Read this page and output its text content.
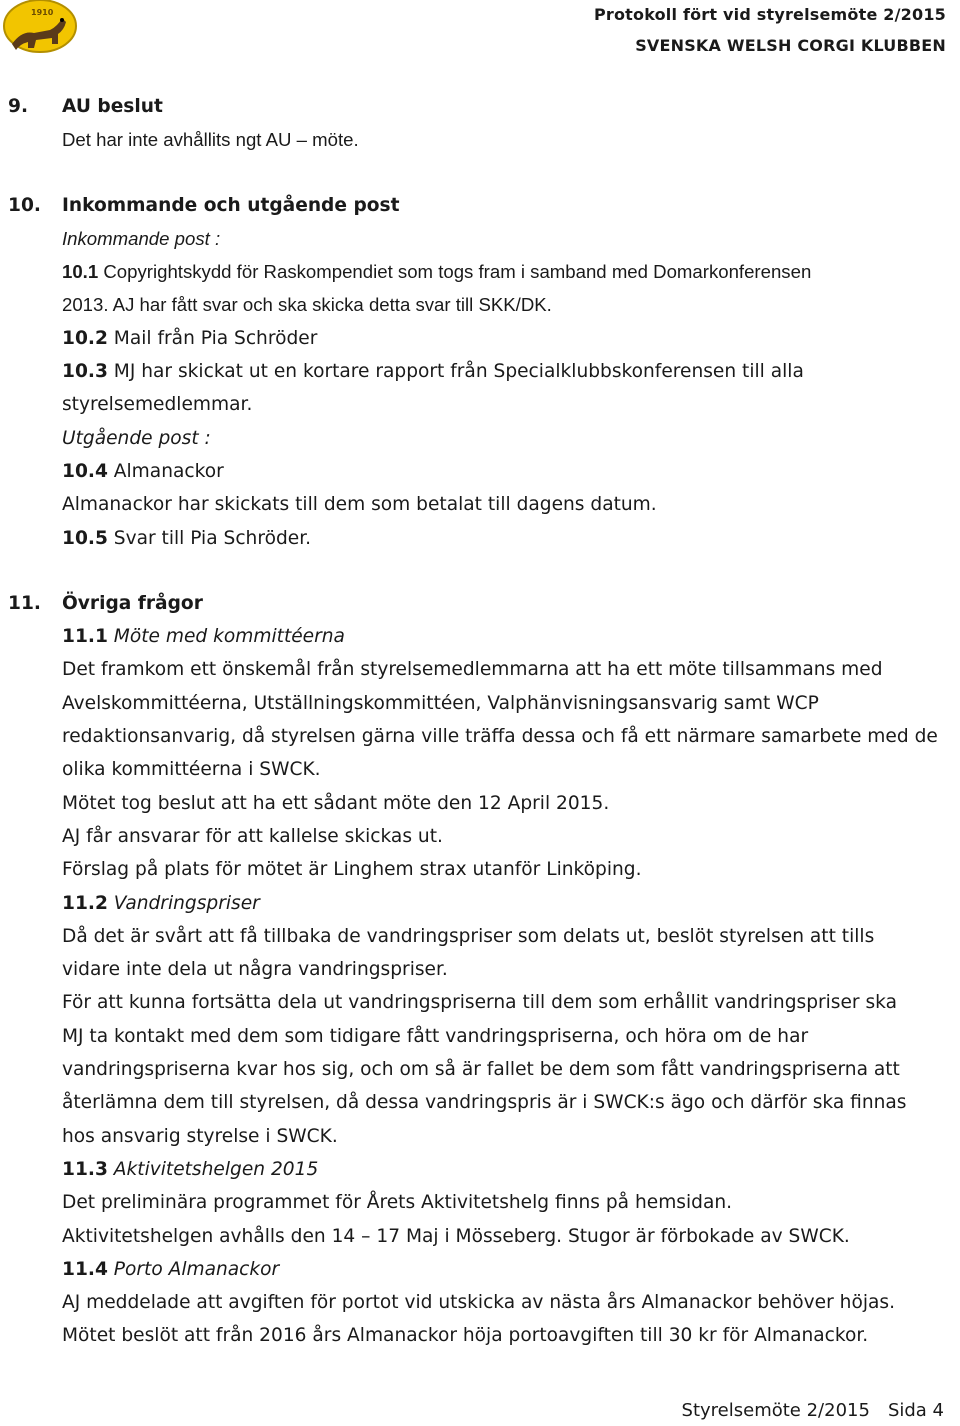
1910	Protokoll fört vid styrelsemöte 2/2015
SVENSKA WELSH CORGI KLUBBEN
9. AU beslut
Det har inte avhållits ngt AU – möte.
10. Inkommande och utgående post
Inkommande post :
10.1 Copyrightskydd för Raskompendiet som togs fram i samband med Domarkonferensen
2013. AJ har fått svar och ska skicka detta svar till SKK/DK.
10.2 Mail från Pia Schröder
10.3 MJ har skickat ut en kortare rapport från Specialklubbskonferensen till alla
styrelsemedlemmar.
Utgående post :
10.4 Almanackor
Almanackor har skickats till dem som betalat till dagens datum.
10.5 Svar till Pia Schröder.
11. Övriga frågor
11.1 Möte med kommittéerna
Det framkom ett önskemål från styrelsemedlemmarna att ha ett möte tillsammans med
Avelskommittéerna, Utställningskommittéen, Valphänvisningsansvarig samt WCP
redaktionsanvarig, då styrelsen gärna ville träffa dessa och få ett närmare samarbete med de
olika kommittéerna i SWCK.
Mötet tog beslut att ha ett sådant möte den 12 April 2015.
AJ får ansvarar för att kallelse skickas ut.
Förslag på plats för mötet är Linghem strax utanför Linköping.
11.2 Vandringspriser
Då det är svårt att få tillbaka de vandringspriser som delats ut, beslöt styrelsen att tills
vidare inte dela ut några vandringspriser.
För att kunna fortsätta dela ut vandringspriserna till dem som erhållit vandringspriser ska
MJ ta kontakt med dem som tidigare fått vandringspriserna, och höra om de har
vandringspriserna kvar hos sig, och om så är fallet be dem som fått vandringspriserna att
återlämna dem till styrelsen, då dessa vandringspris är i SWCK:s ägo och därför ska finnas
hos ansvarig styrelse i SWCK.
11.3 Aktivitetshelgen 2015
Det preliminära programmet för Årets Aktivitetshelg finns på hemsidan.
Aktivitetshelgen avhålls den 14 – 17 Maj i Mösseberg. Stugor är förbokade av SWCK.
11.4 Porto Almanackor
AJ meddelade att avgiften för portot vid utskicka av nästa års Almanackor behöver höjas.
Mötet beslöt att från 2016 års Almanackor höja portoavgiften till 30 kr för Almanackor.
Styrelsemöte 2/2015 Sida 4
